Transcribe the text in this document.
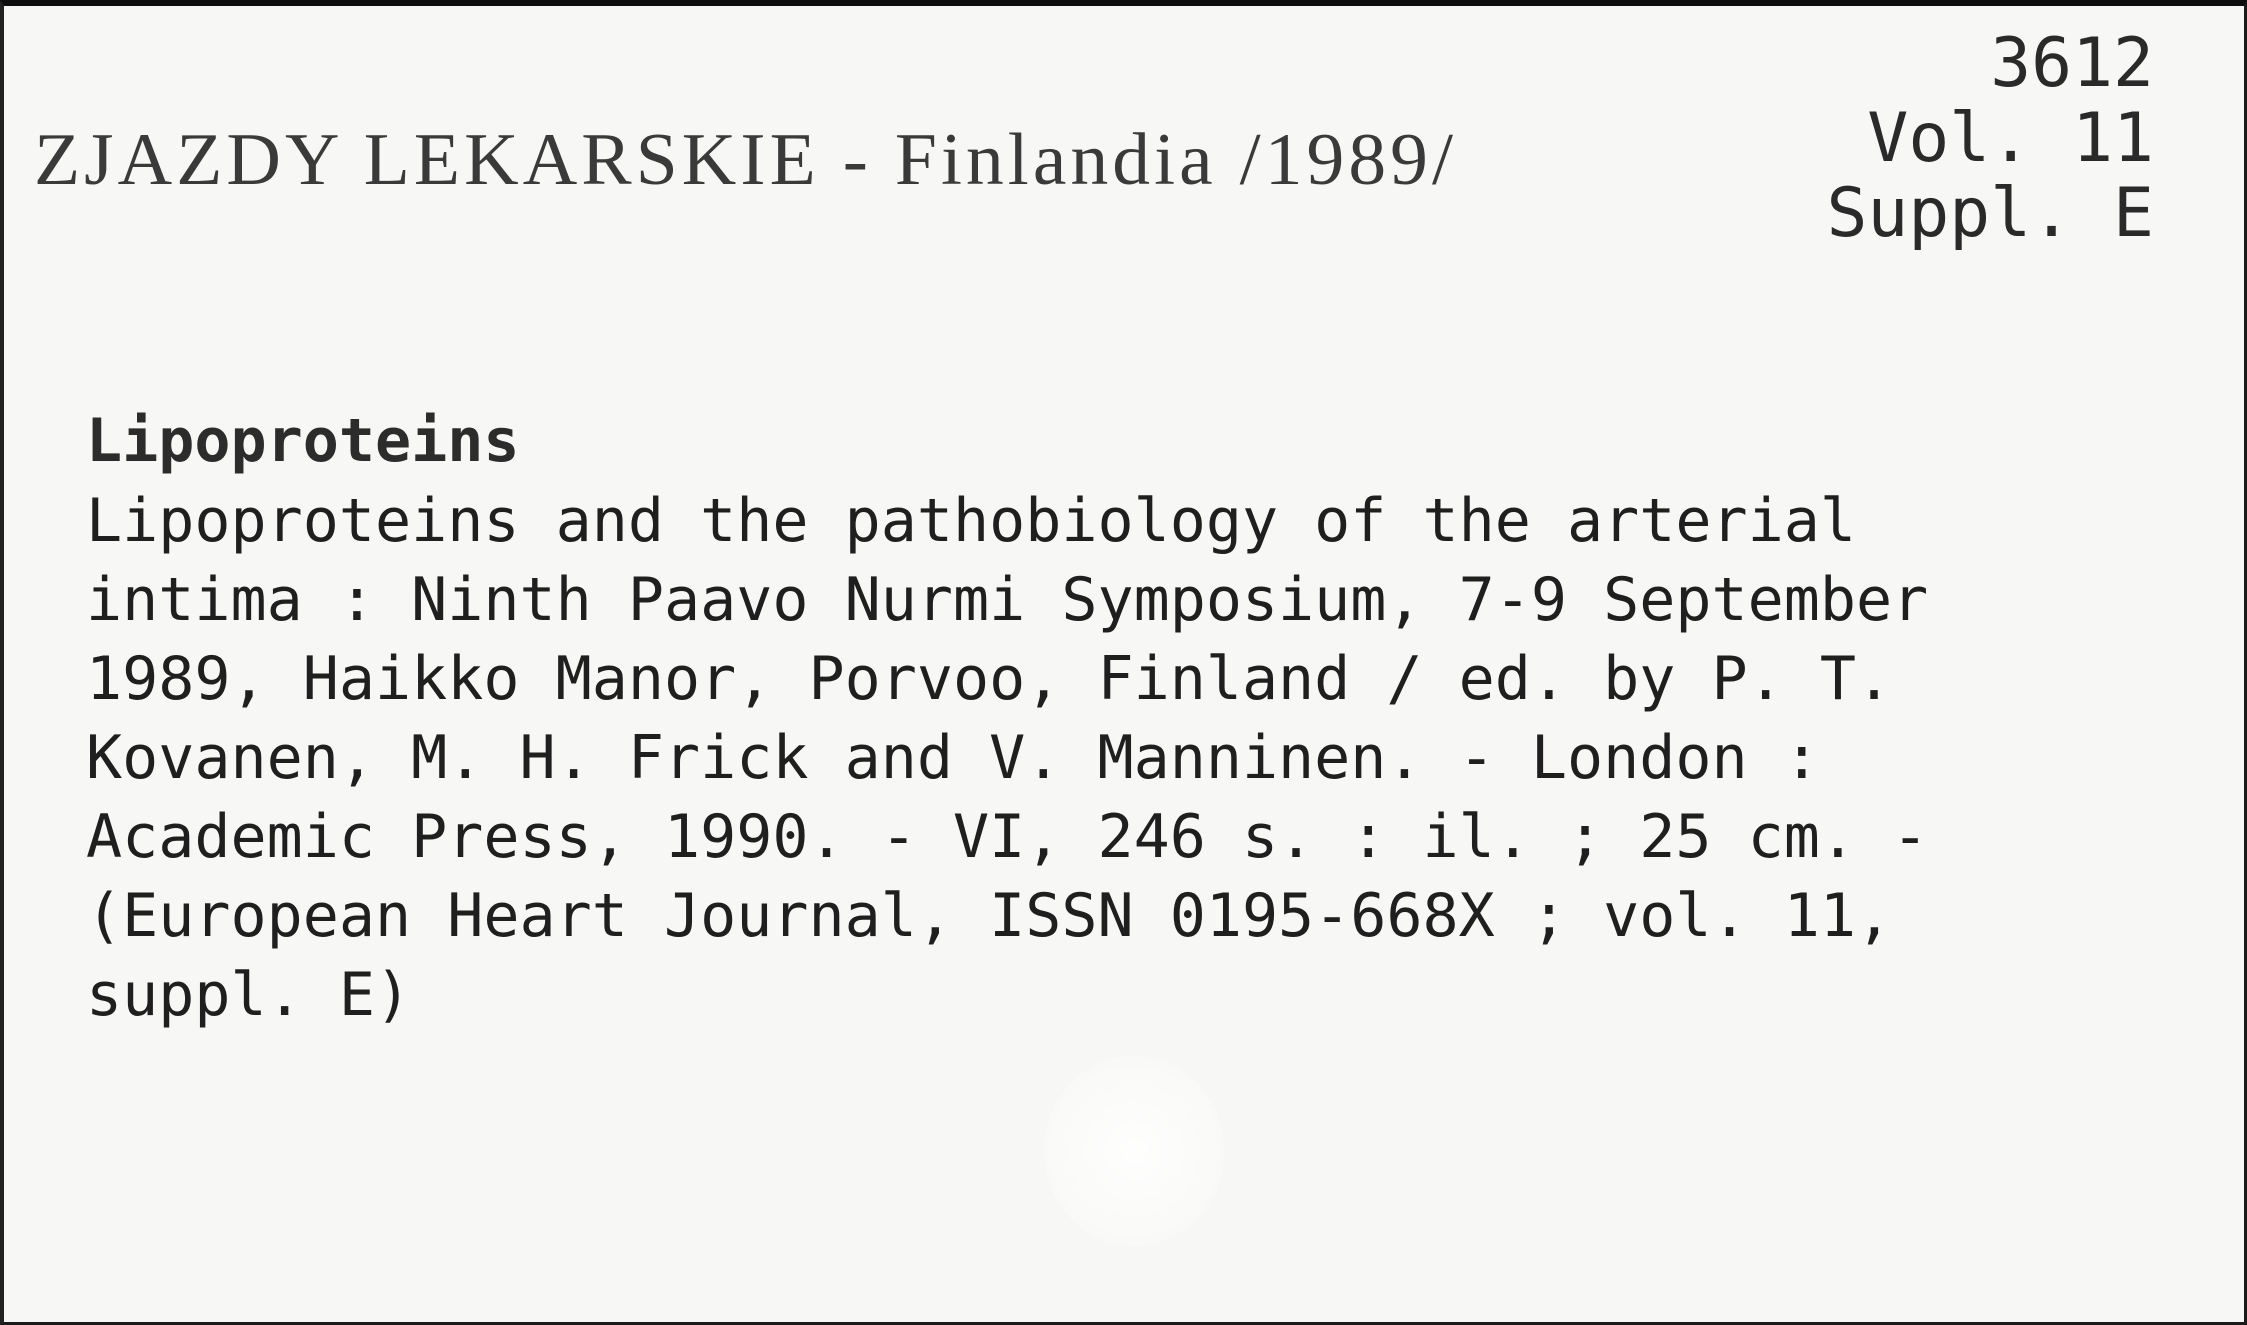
ZJAZDY LEKARSKIE - Finlandia /1989/
3612
Vol. 11
Suppl. E
Lipoproteins
Lipoproteins and the pathobiology of the arterial
intima : Ninth Paavo Nurmi Symposium, 7-9 September
1989, Haikko Manor, Porvoo, Finland / ed. by P. T.
Kovanen, M. H. Frick and V. Manninen. - London :
Academic Press, 1990. - VI, 246 s. : il. ; 25 cm. -
(European Heart Journal, ISSN 0195-668X ; vol. 11,
suppl. E)
